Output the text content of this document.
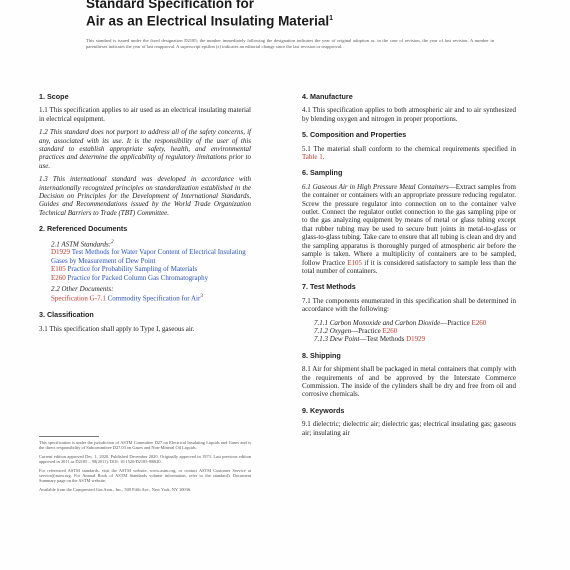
Standard Specification for
Air as an Electrical Insulating Material$^1$
This standard is issued under the fixed designation D2185; the number immediately following the designation indicates the year of original adoption or, in the case of revision, the year of last revision. A number in parentheses indicates the year of last reapproval. A superscript epsilon (ε) indicates an editorial change since the last revision or reapproval.
1. Scope

1.1 This specification applies to air used as an electrical insulating material in electrical equipment.

1.2 This standard does not purport to address all of the safety concerns, if any, associated with its use. It is the responsibility of the user of this standard to establish appropriate safety, health, and environmental practices and determine the applicability of regulatory limitations prior to use.

1.3 This international standard was developed in accordance with internationally recognized principles on standardization established in the Decision on Principles for the Development of International Standards, Guides and Recommendations issued by the World Trade Organization Technical Barriers to Trade (TBT) Committee.

2. Referenced Documents

2.1 ASTM Standards:$^2$

D1929 Test Methods for Water Vapor Content of Electrical Insulating Gases by Measurement of Dew Point

E105 Practice for Probability Sampling of Materials

E260 Practice for Packed Column Gas Chromatography

2.2 Other Documents:

Specification G-7.1 Commodity Specification for Air$^3$

3. Classification

3.1 This specification shall apply to Type I, gaseous air.

This specification is under the jurisdiction of ASTM Committee D27 on Electrical Insulating Liquids and Gases and is the direct responsibility of Subcommittee D27.03 on Gases and Non-Mineral Oil Liquids.

Current edition approved Dec. 1, 2020. Published December 2020. Originally approved in 1973. Last previous edition approved in 2011 as D2185 – 98(2011). DOI: 10.1520/D2185-98R20.

For referenced ASTM standards, visit the ASTM website, www.astm.org, or contact ASTM Customer Service at service@astm.org. For Annual Book of ASTM Standards volume information, refer to the standard's Document Summary page on the ASTM website.

Available from the Compressed Gas Assn., Inc., 500 Fifth Ave., New York, NY 10036.

4. Manufacture

4.1 This specification applies to both atmospheric air and to air synthesized by blending oxygen and nitrogen in proper proportions.

5. Composition and Properties

5.1 The material shall conform to the chemical requirements specified in Table 1.

6. Sampling

6.1 Gaseous Air in High Pressure Metal Containers—Extract samples from the container or containers with an appropriate pressure reducing regulator. Screw the pressure regulator into connection on to the container valve outlet. Connect the regulator outlet connection to the gas sampling pipe or to the gas analyzing equipment by means of metal or glass tubing except that rubber tubing may be used to secure butt joints in metal-to-glass or glass-to-glass tubing. Take care to ensure that all tubing is clean and dry and the sampling apparatus is thoroughly purged of atmospheric air before the sample is taken. Where a multiplicity of containers are to be sampled, follow Practice E105 if it is considered satisfactory to sample less than the total number of containers.

7. Test Methods

7.1 The components enumerated in this specification shall be determined in accordance with the following:

7.1.1 Carbon Monoxide and Carbon Dioxide—Practice E260

7.1.2 Oxygen—Practice E260

7.1.3 Dew Point—Test Methods D1929

8. Shipping

8.1 Air for shipment shall be packaged in metal containers that comply with the requirements of and be approved by the Interstate Commerce Commission. The inside of the cylinders shall be dry and free from oil and corrosive chemicals.

9. Keywords

9.1 dielectric; dielectric air; dielectric gas; electrical insulating gas; gaseous air; insulating air
